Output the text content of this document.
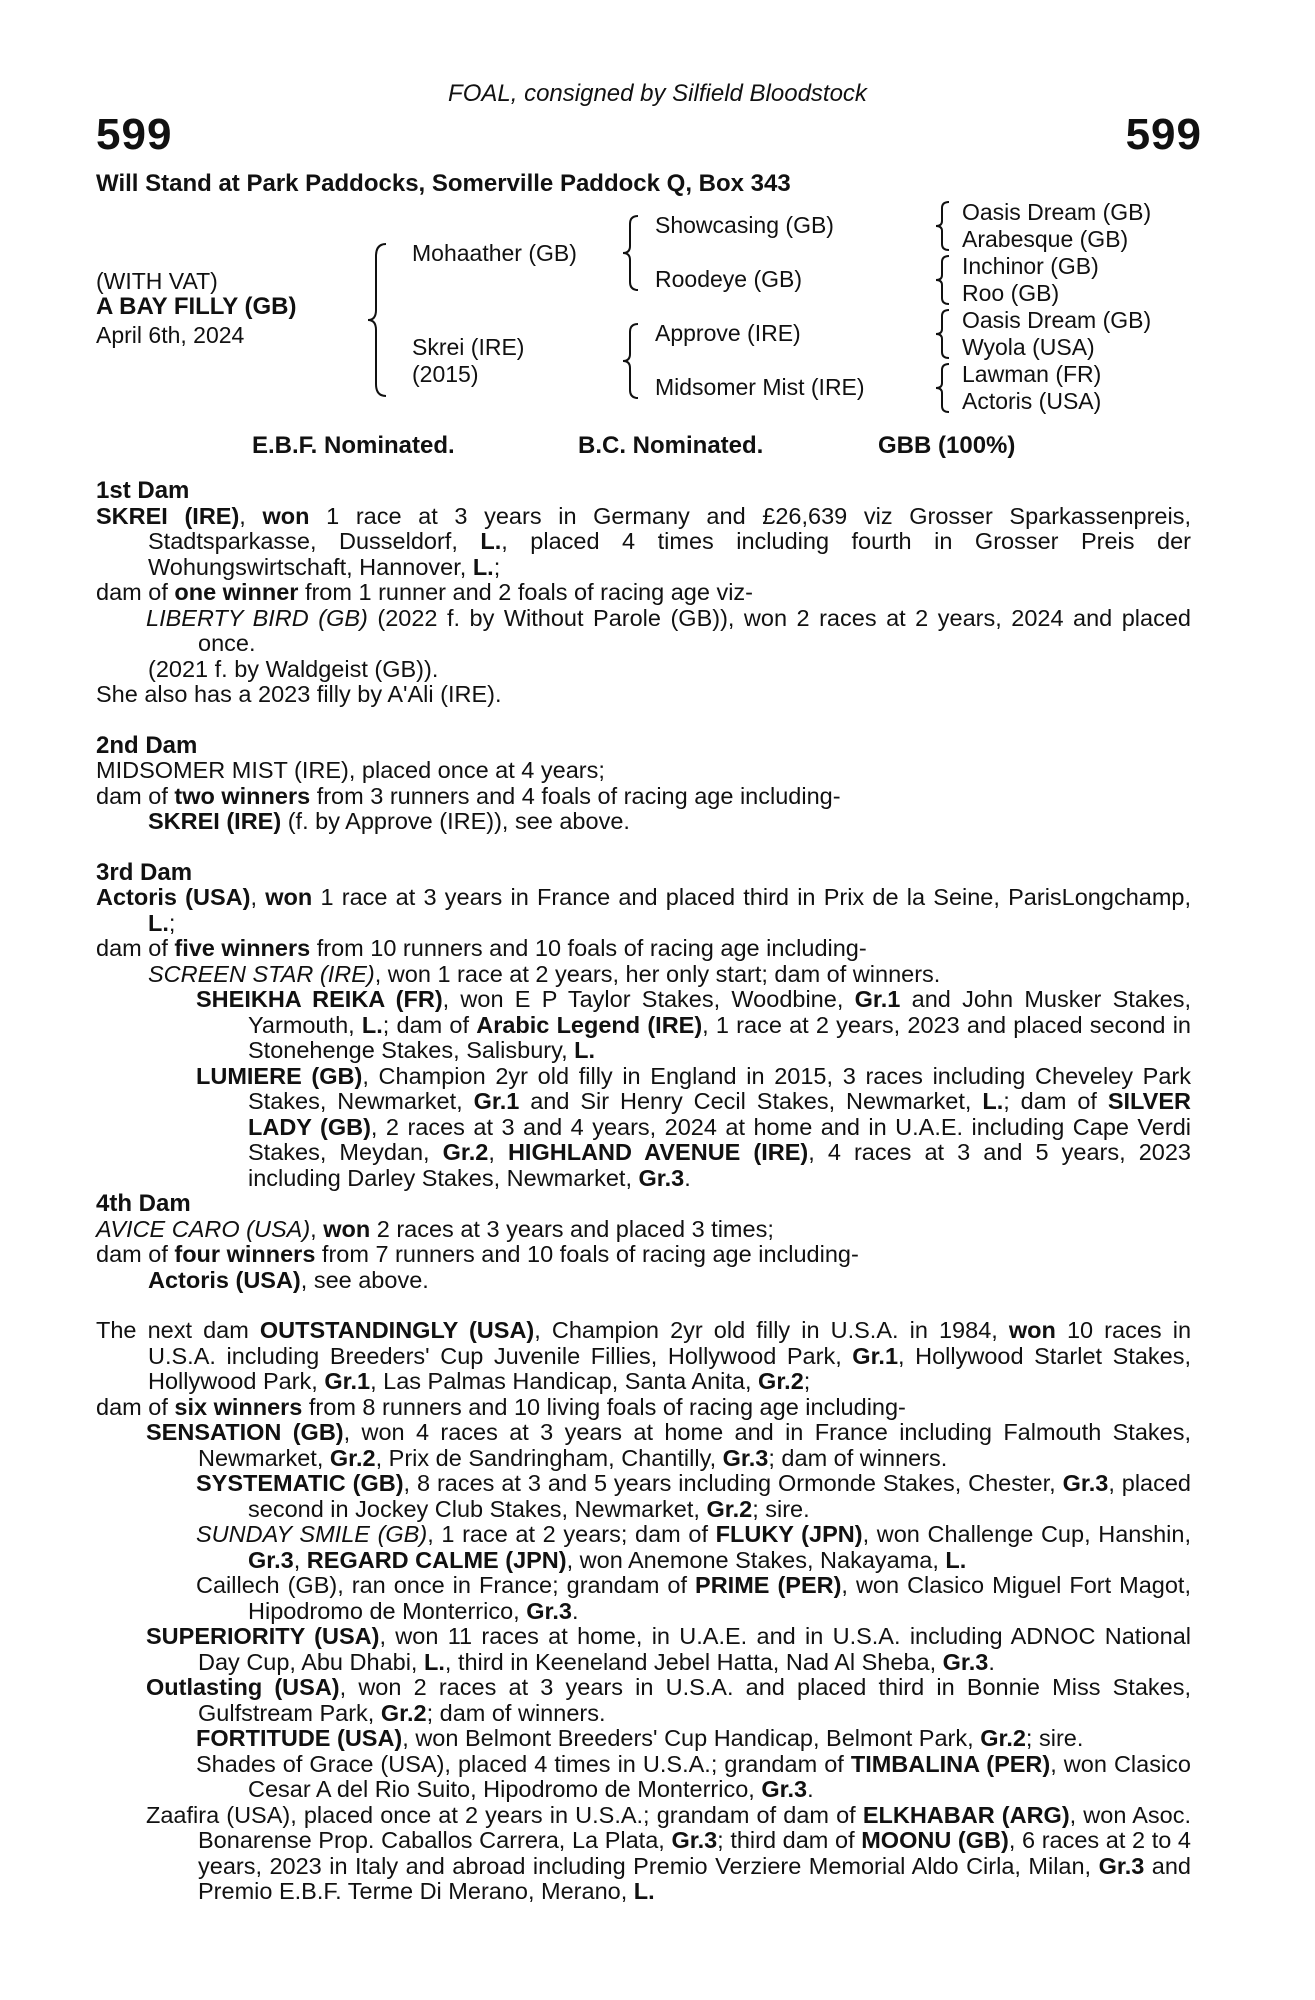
FOAL, consigned by Silfield Bloodstock
599	599
Will Stand at Park Paddocks, Somerville Paddock Q, Box 343
(WITH VAT)
A BAY FILLY (GB)
April 6th, 2024
Mohaather (GB)
Skrei (IRE)
(2015)
Showcasing (GB)
Roodeye (GB)
Approve (IRE)
Midsomer Mist (IRE)
Oasis Dream (GB)
Arabesque (GB)
Inchinor (GB)
Roo (GB)
Oasis Dream (GB)
Wyola (USA)
Lawman (FR)
Actoris (USA)
E.B.F. Nominated.	B.C. Nominated.	GBB (100%)
1st Dam
SKREI (IRE), won 1 race at 3 years in Germany and £26,639 viz Grosser Sparkassenpreis, Stadtsparkasse, Dusseldorf, L., placed 4 times including fourth in Grosser Preis der Wohungswirtschaft, Hannover, L.;
dam of one winner from 1 runner and 2 foals of racing age viz-
LIBERTY BIRD (GB) (2022 f. by Without Parole (GB)), won 2 races at 2 years, 2024 and placed once.
(2021 f. by Waldgeist (GB)).
She also has a 2023 filly by A'Ali (IRE).
2nd Dam
MIDSOMER MIST (IRE), placed once at 4 years;
dam of two winners from 3 runners and 4 foals of racing age including-
SKREI (IRE) (f. by Approve (IRE)), see above.
3rd Dam
Actoris (USA), won 1 race at 3 years in France and placed third in Prix de la Seine, ParisLongchamp, L.;
dam of five winners from 10 runners and 10 foals of racing age including-
SCREEN STAR (IRE), won 1 race at 2 years, her only start; dam of winners.
SHEIKHA REIKA (FR), won E P Taylor Stakes, Woodbine, Gr.1 and John Musker Stakes, Yarmouth, L.; dam of Arabic Legend (IRE), 1 race at 2 years, 2023 and placed second in Stonehenge Stakes, Salisbury, L.
LUMIERE (GB), Champion 2yr old filly in England in 2015, 3 races including Cheveley Park Stakes, Newmarket, Gr.1 and Sir Henry Cecil Stakes, Newmarket, L.; dam of SILVER LADY (GB), 2 races at 3 and 4 years, 2024 at home and in U.A.E. including Cape Verdi Stakes, Meydan, Gr.2, HIGHLAND AVENUE (IRE), 4 races at 3 and 5 years, 2023 including Darley Stakes, Newmarket, Gr.3.
4th Dam
AVICE CARO (USA), won 2 races at 3 years and placed 3 times;
dam of four winners from 7 runners and 10 foals of racing age including-
Actoris (USA), see above.
The next dam OUTSTANDINGLY (USA), Champion 2yr old filly in U.S.A. in 1984, won 10 races in U.S.A. including Breeders' Cup Juvenile Fillies, Hollywood Park, Gr.1, Hollywood Starlet Stakes, Hollywood Park, Gr.1, Las Palmas Handicap, Santa Anita, Gr.2;
dam of six winners from 8 runners and 10 living foals of racing age including-
SENSATION (GB), won 4 races at 3 years at home and in France including Falmouth Stakes, Newmarket, Gr.2, Prix de Sandringham, Chantilly, Gr.3; dam of winners.
SYSTEMATIC (GB), 8 races at 3 and 5 years including Ormonde Stakes, Chester, Gr.3, placed second in Jockey Club Stakes, Newmarket, Gr.2; sire.
SUNDAY SMILE (GB), 1 race at 2 years; dam of FLUKY (JPN), won Challenge Cup, Hanshin, Gr.3, REGARD CALME (JPN), won Anemone Stakes, Nakayama, L.
Caillech (GB), ran once in France; grandam of PRIME (PER), won Clasico Miguel Fort Magot, Hipodromo de Monterrico, Gr.3.
SUPERIORITY (USA), won 11 races at home, in U.A.E. and in U.S.A. including ADNOC National Day Cup, Abu Dhabi, L., third in Keeneland Jebel Hatta, Nad Al Sheba, Gr.3.
Outlasting (USA), won 2 races at 3 years in U.S.A. and placed third in Bonnie Miss Stakes, Gulfstream Park, Gr.2; dam of winners.
FORTITUDE (USA), won Belmont Breeders' Cup Handicap, Belmont Park, Gr.2; sire.
Shades of Grace (USA), placed 4 times in U.S.A.; grandam of TIMBALINA (PER), won Clasico Cesar A del Rio Suito, Hipodromo de Monterrico, Gr.3.
Zaafira (USA), placed once at 2 years in U.S.A.; grandam of dam of ELKHABAR (ARG), won Asoc. Bonarense Prop. Caballos Carrera, La Plata, Gr.3; third dam of MOONU (GB), 6 races at 2 to 4 years, 2023 in Italy and abroad including Premio Verziere Memorial Aldo Cirla, Milan, Gr.3 and Premio E.B.F. Terme Di Merano, Merano, L.
